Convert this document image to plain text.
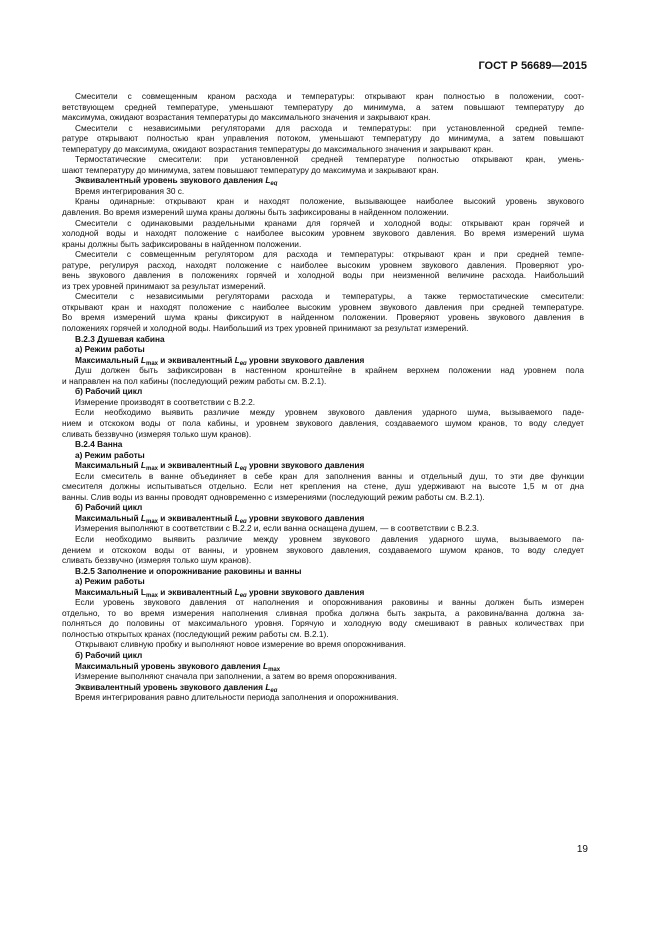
ГОСТ Р 56689—2015
Смесители с совмещенным краном расхода и температуры: открывают кран полностью в положении, соот-
ветствующем средней температуре, уменьшают температуру до минимума, а затем повышают температуру до
максимума, ожидают возрастания температуры до максимального значения и закрывают кран.
Смесители с независимыми регуляторами для расхода и температуры: при установленной средней темпе-
ратуре открывают полностью кран управления потоком, уменьшают температуру до минимума, а затем повышают
температуру до максимума, ожидают возрастания температуры до максимального значения и закрывают кран.
Термостатические смесители: при установленной средней температуре полностью открывают кран, умень-
шают температуру до минимума, затем повышают температуру до максимума и закрывают кран.
Эквивалентный уровень звукового давления $L_{eq}$
Время интегрирования 30 с.
Краны одинарные: открывают кран и находят положение, вызывающее наиболее высокий уровень звукового
давления. Во время измерений шума краны должны быть зафиксированы в найденном положении.
Смесители с одинаковыми раздельными кранами для горячей и холодной воды: открывают кран горячей и
холодной воды и находят положение с наиболее высоким уровнем звукового давления. Во время измерений шума
краны должны быть зафиксированы в найденном положении.
Смесители с совмещенным регулятором для расхода и температуры: открывают кран и при средней темпе-
ратуре, регулируя расход, находят положение с наиболее высоким уровнем звукового давления. Проверяют уро-
вень звукового давления в положениях горячей и холодной воды при неизменной величине расхода. Наибольший
из трех уровней принимают за результат измерений.
Смесители с независимыми регуляторами расхода и температуры, а также термостатические смесители:
открывают кран и находят положение с наиболее высоким уровнем звукового давления при средней температуре.
Во время измерений шума краны фиксируют в найденном положении. Проверяют уровень звукового давления в
положениях горячей и холодной воды. Наибольший из трех уровней принимают за результат измерений.
В.2.3 Душевая кабина
а) Режим работы
Максимальный $L_{max}$ и эквивалентный $L_{eq}$ уровни звукового давления
Душ должен быть зафиксирован в настенном кронштейне в крайнем верхнем положении над уровнем пола
и направлен на пол кабины (последующий режим работы см. В.2.1).
б) Рабочий цикл
Измерение производят в соответствии с В.2.2.
Если необходимо выявить различие между уровнем звукового давления ударного шума, вызываемого паде-
нием и отскоком воды от пола кабины, и уровнем звукового давления, создаваемого шумом кранов, то воду следует
сливать беззвучно (измеряя только шум кранов).
В.2.4 Ванна
а) Режим работы
Максимальный $L_{max}$ и эквивалентный $L_{eq}$ уровни звукового давления
Если смеситель в ванне объединяет в себе кран для заполнения ванны и отдельный душ, то эти две функции
смесителя должны испытываться отдельно. Если нет крепления на стене, душ удерживают на высоте 1,5 м от дна
ванны. Слив воды из ванны проводят одновременно с измерениями (последующий режим работы см. В.2.1).
б) Рабочий цикл
Максимальный $L_{max}$ и эквивалентный $L_{eq}$ уровни звукового давления
Измерения выполняют в соответствии с В.2.2 и, если ванна оснащена душем, — в соответствии с В.2.3.
Если необходимо выявить различие между уровнем звукового давления ударного шума, вызываемого па-
дением и отскоком воды от ванны, и уровнем звукового давления, создаваемого шумом кранов, то воду следует
сливать беззвучно (измеряя только шум кранов).
В.2.5 Заполнение и опорожнивание раковины и ванны
а) Режим работы
Максимальный $L_{max}$ и эквивалентный $L_{eq}$ уровни звукового давления
Если уровень звукового давления от наполнения и опорожнивания раковины и ванны должен быть измерен
отдельно, то во время измерения наполнения сливная пробка должна быть закрыта, а раковина/ванна должна за-
полняться до половины от максимального уровня. Горячую и холодную воду смешивают в равных количествах при
полностью открытых кранах (последующий режим работы см. В.2.1).
Открывают сливную пробку и выполняют новое измерение во время опорожнивания.
б) Рабочий цикл
Максимальный уровень звукового давления $L_{max}$
Измерение выполняют сначала при заполнении, а затем во время опорожнивания.
Эквивалентный уровень звукового давления $L_{eq}$
Время интегрирования равно длительности периода заполнения и опорожнивания.
19
